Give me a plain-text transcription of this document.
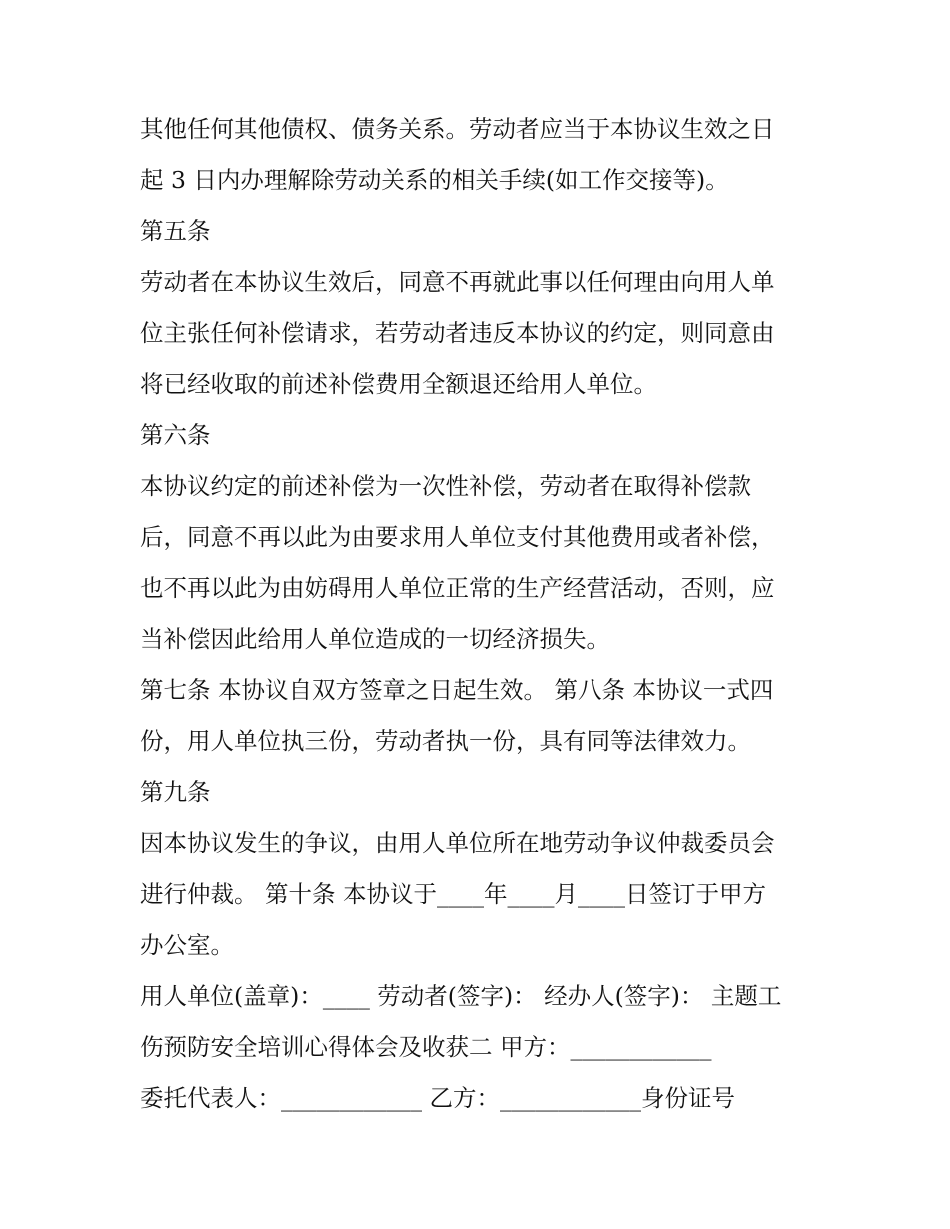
其他任何其他债权、债务关系。劳动者应当于本协议生效之日
起 3 日内办理解除劳动关系的相关手续(如工作交接等)。
第五条
劳动者在本协议生效后，同意不再就此事以任何理由向用人单
位主张任何补偿请求，若劳动者违反本协议的约定，则同意由
将已经收取的前述补偿费用全额退还给用人单位。
第六条
本协议约定的前述补偿为一次性补偿，劳动者在取得补偿款
后，同意不再以此为由要求用人单位支付其他费用或者补偿，
也不再以此为由妨碍用人单位正常的生产经营活动，否则，应
当补偿因此给用人单位造成的一切经济损失。
第七条 本协议自双方签章之日起生效。 第八条 本协议一式四
份，用人单位执三份，劳动者执一份，具有同等法律效力。
第九条
因本协议发生的争议，由用人单位所在地劳动争议仲裁委员会
进行仲裁。 第十条 本协议于____年____月____日签订于甲方
办公室。
用人单位(盖章)：____ 劳动者(签字)： 经办人(签字)： 主题工
伤预防安全培训心得体会及收获二 甲方：____________
委托代表人：____________ 乙方：____________身份证号
